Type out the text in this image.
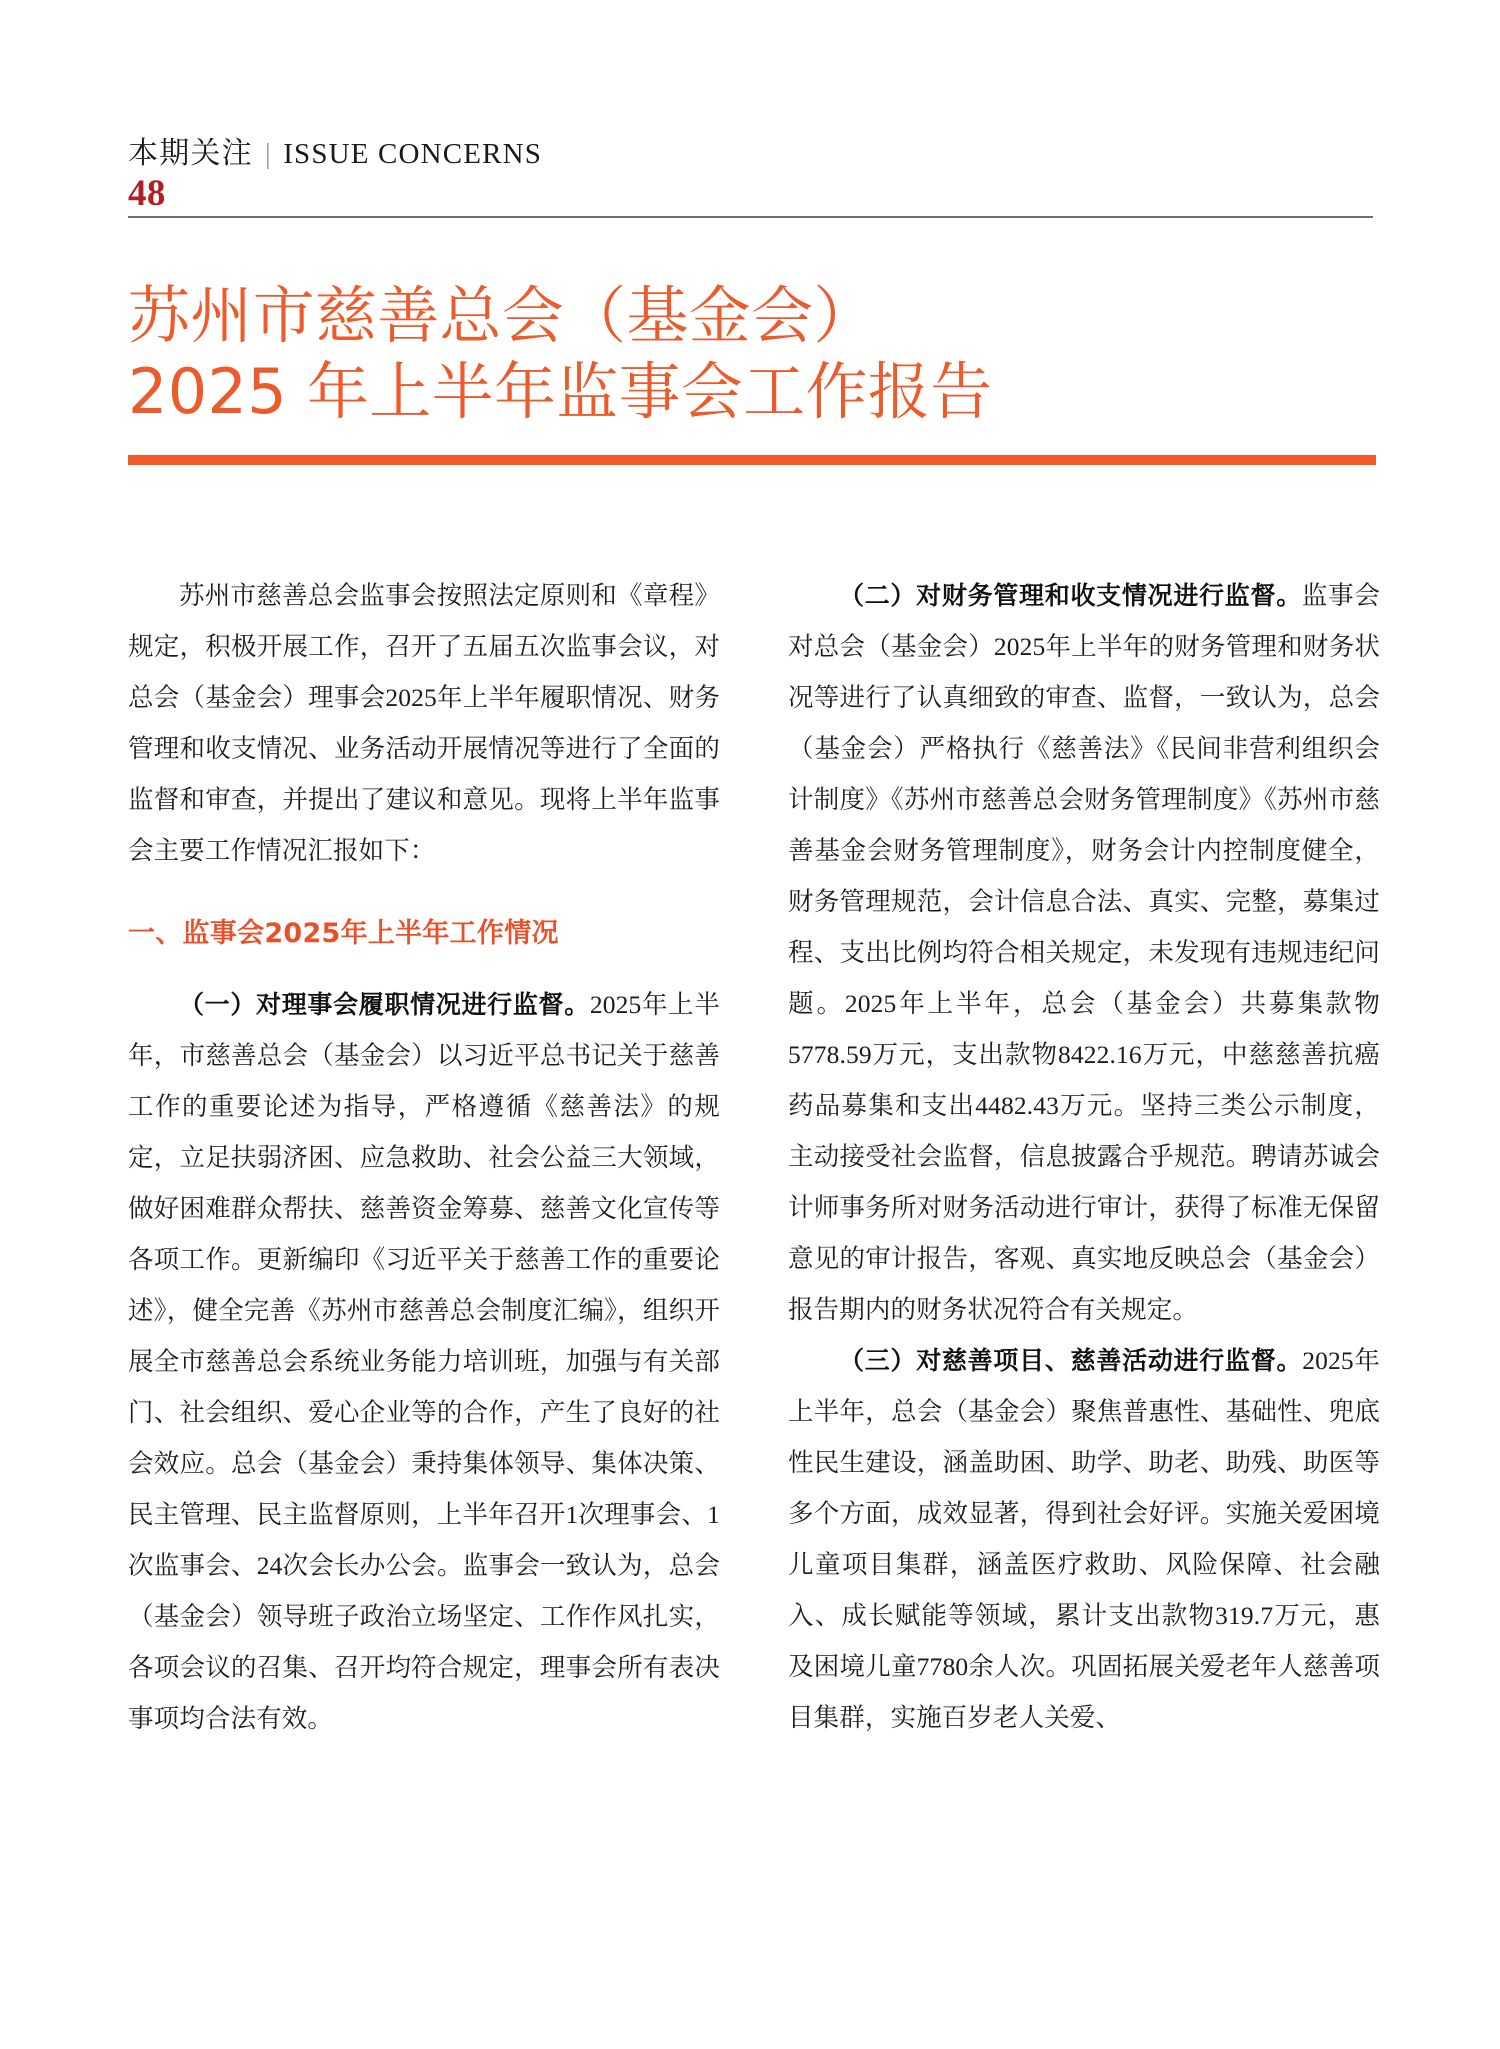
本期关注 | ISSUE CONCERNS
48
苏州市慈善总会（基金会）
2025 年上半年监事会工作报告

苏州市慈善总会监事会按照法定原则和《章程》规定，积极开展工作，召开了五届五次监事会议，对总会（基金会）理事会2025年上半年履职情况、财务管理和收支情况、业务活动开展情况等进行了全面的监督和审查，并提出了建议和意见。现将上半年监事会主要工作情况汇报如下：

一、监事会2025年上半年工作情况

（一）对理事会履职情况进行监督。2025年上半年，市慈善总会（基金会）以习近平总书记关于慈善工作的重要论述为指导，严格遵循《慈善法》的规定，立足扶弱济困、应急救助、社会公益三大领域，做好困难群众帮扶、慈善资金筹募、慈善文化宣传等各项工作。更新编印《习近平关于慈善工作的重要论述》，健全完善《苏州市慈善总会制度汇编》，组织开展全市慈善总会系统业务能力培训班，加强与有关部门、社会组织、爱心企业等的合作，产生了良好的社会效应。总会（基金会）秉持集体领导、集体决策、民主管理、民主监督原则，上半年召开1次理事会、1次监事会、24次会长办公会。监事会一致认为，总会（基金会）领导班子政治立场坚定、工作作风扎实，各项会议的召集、召开均符合规定，理事会所有表决事项均合法有效。

（二）对财务管理和收支情况进行监督。监事会对总会（基金会）2025年上半年的财务管理和财务状况等进行了认真细致的审查、监督，一致认为，总会（基金会）严格执行《慈善法》《民间非营利组织会计制度》《苏州市慈善总会财务管理制度》《苏州市慈善基金会财务管理制度》，财务会计内控制度健全，财务管理规范，会计信息合法、真实、完整，募集过程、支出比例均符合相关规定，未发现有违规违纪问题。2025年上半年，总会（基金会）共募集款物5778.59万元，支出款物8422.16万元，中慈慈善抗癌药品募集和支出4482.43万元。坚持三类公示制度，主动接受社会监督，信息披露合乎规范。聘请苏诚会计师事务所对财务活动进行审计，获得了标准无保留意见的审计报告，客观、真实地反映总会（基金会）报告期内的财务状况符合有关规定。

（三）对慈善项目、慈善活动进行监督。2025年上半年，总会（基金会）聚焦普惠性、基础性、兜底性民生建设，涵盖助困、助学、助老、助残、助医等多个方面，成效显著，得到社会好评。实施关爱困境儿童项目集群，涵盖医疗救助、风险保障、社会融入、成长赋能等领域，累计支出款物319.7万元，惠及困境儿童7780余人次。巩固拓展关爱老年人慈善项目集群，实施百岁老人关爱、
